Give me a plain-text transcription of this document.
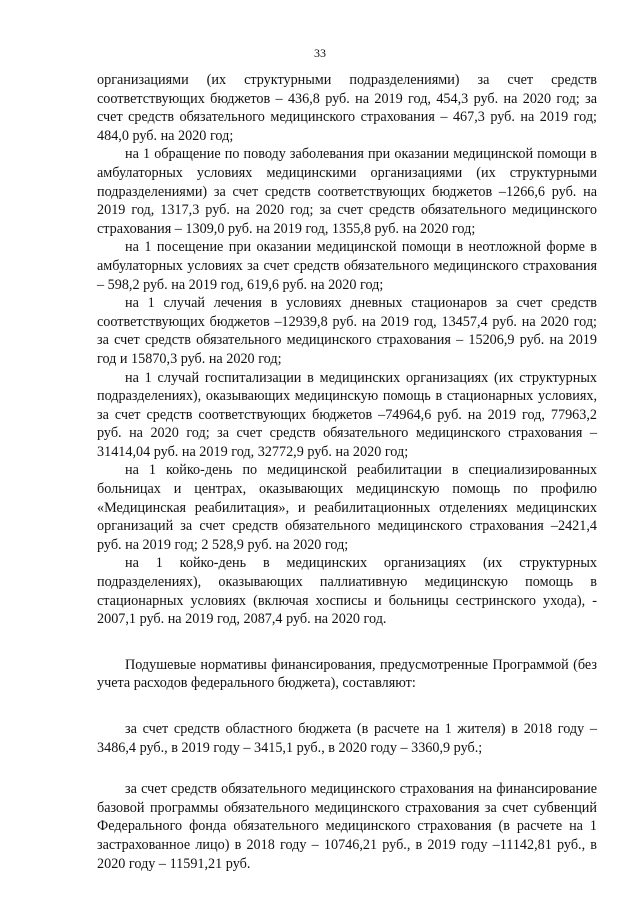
33

организациями (их структурными подразделениями) за счет средств соответствующих бюджетов – 436,8 руб. на 2019 год, 454,3 руб. на 2020 год; за счет средств обязательного медицинского страхования – 467,3 руб. на 2019 год; 484,0 руб. на 2020 год;

на 1 обращение по поводу заболевания при оказании медицинской помощи в амбулаторных условиях медицинскими организациями (их структурными подразделениями) за счет средств соответствующих бюджетов –1266,6 руб. на 2019 год, 1317,3 руб. на 2020 год; за счет средств обязательного медицинского страхования – 1309,0 руб. на 2019 год, 1355,8 руб. на 2020 год;

на 1 посещение при оказании медицинской помощи в неотложной форме в амбулаторных условиях за счет средств обязательного медицинского страхования – 598,2 руб. на 2019 год, 619,6 руб. на 2020 год;

на 1 случай лечения в условиях дневных стационаров за счет средств соответствующих бюджетов –12939,8 руб. на 2019 год, 13457,4 руб. на 2020 год; за счет средств обязательного медицинского страхования – 15206,9 руб. на 2019 год и 15870,3 руб. на 2020 год;

на 1 случай госпитализации в медицинских организациях (их структурных подразделениях), оказывающих медицинскую помощь в стационарных условиях, за счет средств соответствующих бюджетов –74964,6 руб. на 2019 год, 77963,2 руб. на 2020 год; за счет средств обязательного медицинского страхования – 31414,04 руб. на 2019 год, 32772,9 руб. на 2020 год;

на 1 койко-день по медицинской реабилитации в специализированных больницах и центрах, оказывающих медицинскую помощь по профилю «Медицинская реабилитация», и реабилитационных отделениях медицинских организаций за счет средств обязательного медицинского страхования –2421,4 руб. на 2019 год; 2 528,9 руб. на 2020 год;

на 1 койко-день в медицинских организациях (их структурных подразделениях), оказывающих паллиативную медицинскую помощь в стационарных условиях (включая хосписы и больницы сестринского ухода), - 2007,1 руб. на 2019 год, 2087,4 руб. на 2020 год.

Подушевые нормативы финансирования, предусмотренные Программой (без учета расходов федерального бюджета), составляют:

за счет средств областного бюджета (в расчете на 1 жителя) в 2018 году – 3486,4 руб., в 2019 году – 3415,1 руб., в 2020 году – 3360,9 руб.;

за счет средств обязательного медицинского страхования на финансирование базовой программы обязательного медицинского страхования за счет субвенций Федерального фонда обязательного медицинского страхования (в расчете на 1 застрахованное лицо) в 2018 году – 10746,21 руб., в 2019 году –11142,81 руб., в 2020 году – 11591,21 руб.
